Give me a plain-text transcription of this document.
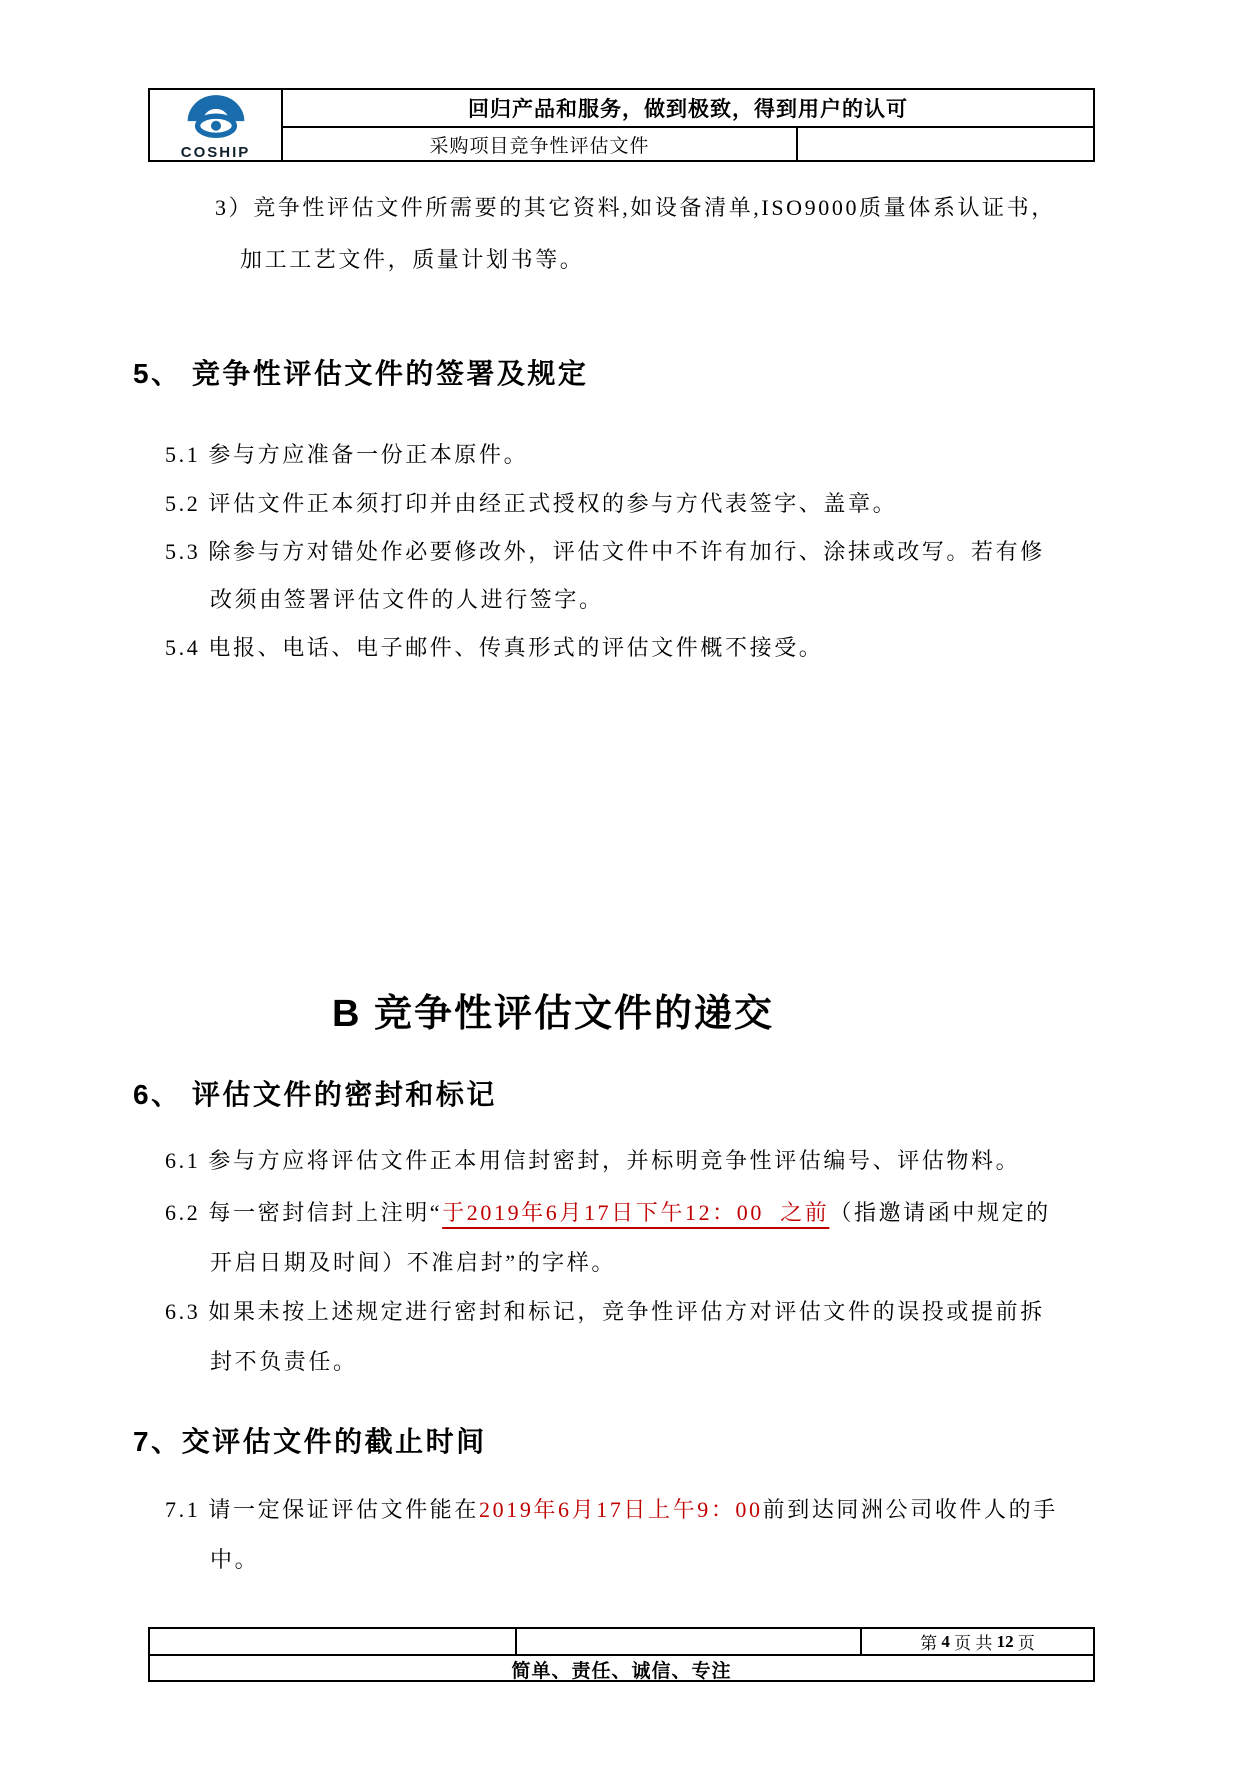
COSHIP
回归产品和服务，做到极致，得到用户的认可
采购项目竞争性评估文件
3）竞争性评估文件所需要的其它资料,如设备清单,ISO9000质量体系认证书，
加工工艺文件，质量计划书等。
5、 竞争性评估文件的签署及规定
5.1 参与方应准备一份正本原件。
5.2 评估文件正本须打印并由经正式授权的参与方代表签字、盖章。
5.3 除参与方对错处作必要修改外，评估文件中不许有加行、涂抹或改写。若有修
改须由签署评估文件的人进行签字。
5.4 电报、电话、电子邮件、传真形式的评估文件概不接受。
B 竞争性评估文件的递交
6、 评估文件的密封和标记
6.1 参与方应将评估文件正本用信封密封，并标明竞争性评估编号、评估物料。
6.2 每一密封信封上注明“于2019年6月17日下午12：00  之前（指邀请函中规定的
开启日期及时间）不准启封”的字样。
6.3 如果未按上述规定进行密封和标记，竞争性评估方对评估文件的误投或提前拆
封不负责任。
7、交评估文件的截止时间
7.1 请一定保证评估文件能在2019年6月17日上午9：00前到达同洲公司收件人的手
中。
第 4 页 共 12 页
简单、责任、诚信、专注
